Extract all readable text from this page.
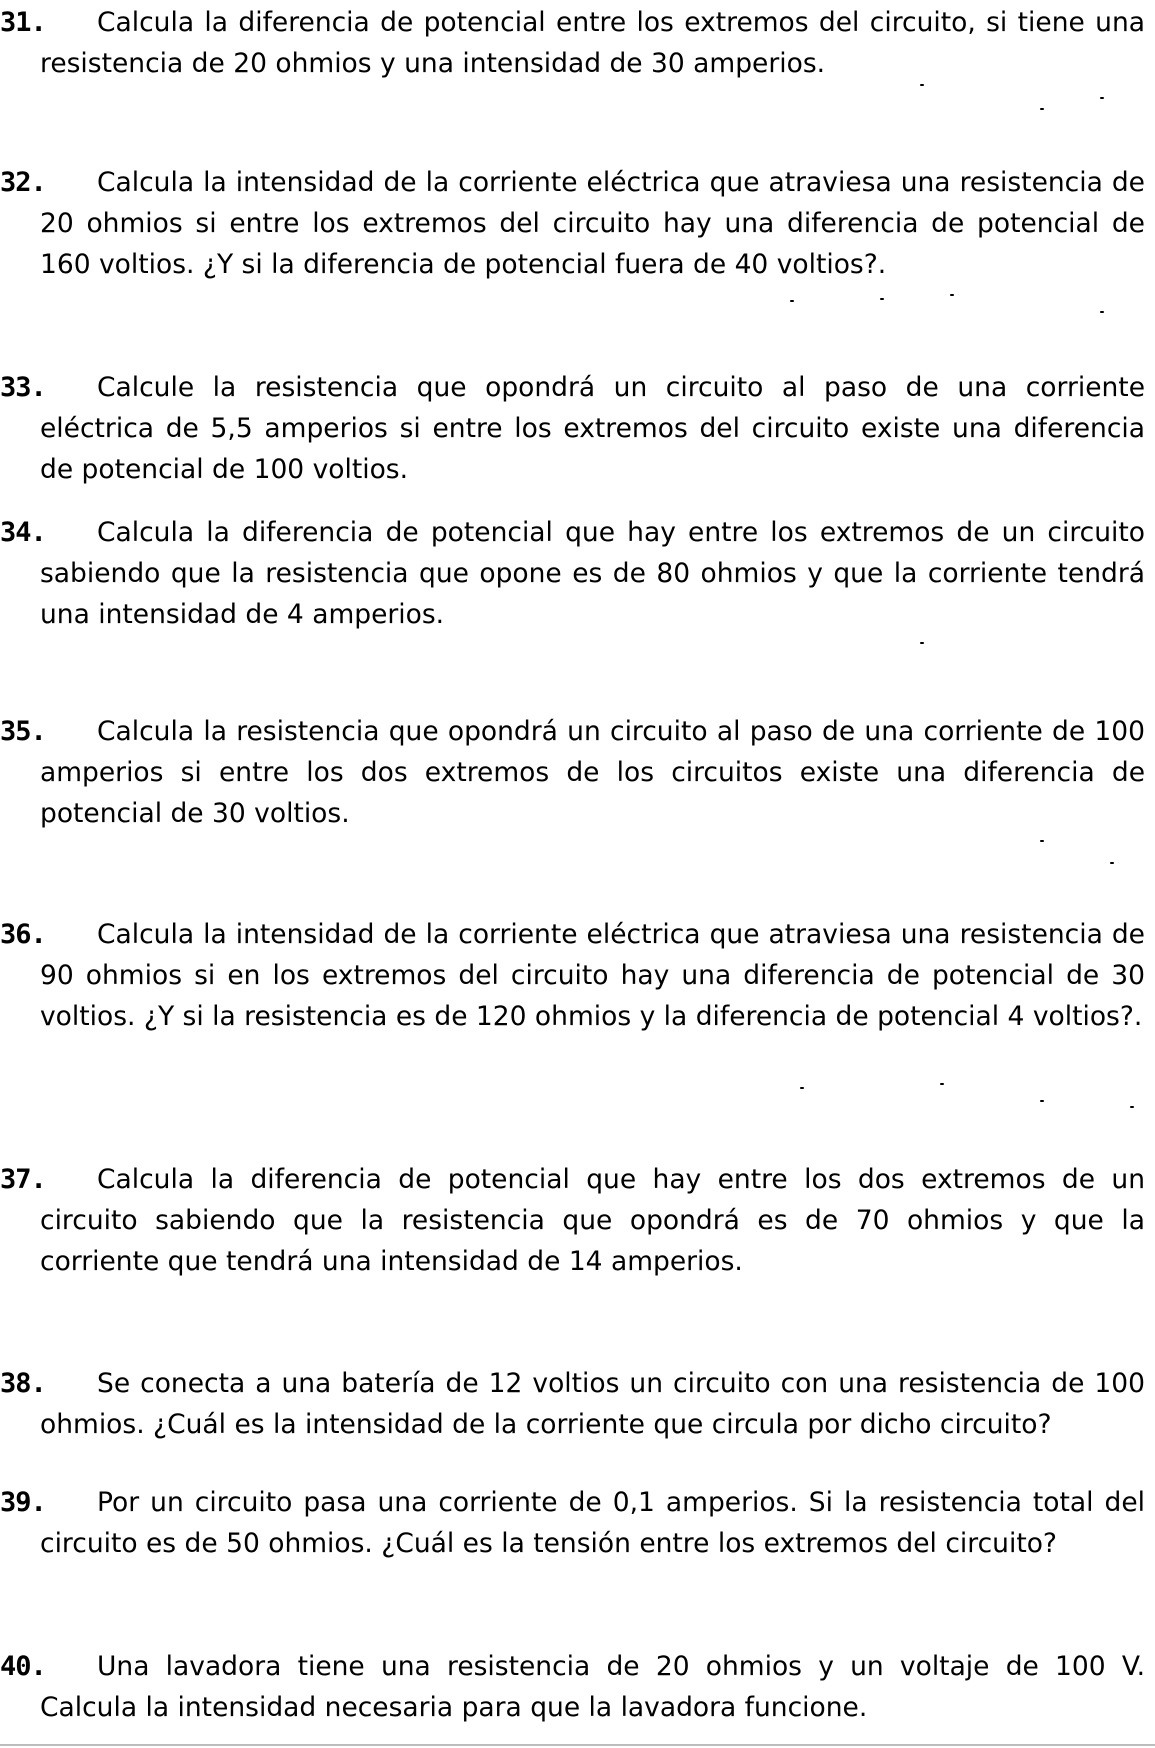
31.	Calcula la diferencia de potencial entre los extremos del circuito, si tiene una resistencia de 20 ohmios y una intensidad de 30 amperios.
32.	Calcula la intensidad de la corriente eléctrica que atraviesa una resistencia de 20 ohmios si entre los extremos del circuito hay una diferencia de potencial de 160 voltios. ¿Y si la diferencia de potencial fuera de 40 voltios?.
33.	Calcule la resistencia que opondrá un circuito al paso de una corriente eléctrica de 5,5 amperios si entre los extremos del circuito existe una diferencia de potencial de 100 voltios.
34.	Calcula la diferencia de potencial que hay entre los extremos de un circuito sabiendo que la resistencia que opone es de 80 ohmios y que la corriente tendrá una intensidad de 4 amperios.
35.	Calcula la resistencia que opondrá un circuito al paso de una corriente de 100 amperios si entre los dos extremos de los circuitos existe una diferencia de potencial de 30 voltios.
36.	Calcula la intensidad de la corriente eléctrica que atraviesa una resistencia de 90 ohmios si en los extremos del circuito hay una diferencia de potencial de 30 voltios. ¿Y si la resistencia es de 120 ohmios y la diferencia de potencial 4 voltios?.
37.	Calcula la diferencia de potencial que hay entre los dos extremos de un circuito sabiendo que la resistencia que opondrá es de 70 ohmios y que la corriente que tendrá una intensidad de 14 amperios.
38.	Se conecta a una batería de 12 voltios un circuito con una resistencia de 100 ohmios. ¿Cuál es la intensidad de la corriente que circula por dicho circuito?
39.	Por un circuito pasa una corriente de 0,1 amperios. Si la resistencia total del circuito es de 50 ohmios. ¿Cuál es la tensión entre los extremos del circuito?
40.	Una lavadora tiene una resistencia de 20 ohmios y un voltaje de 100 V. Calcula la intensidad necesaria para que la lavadora funcione.
